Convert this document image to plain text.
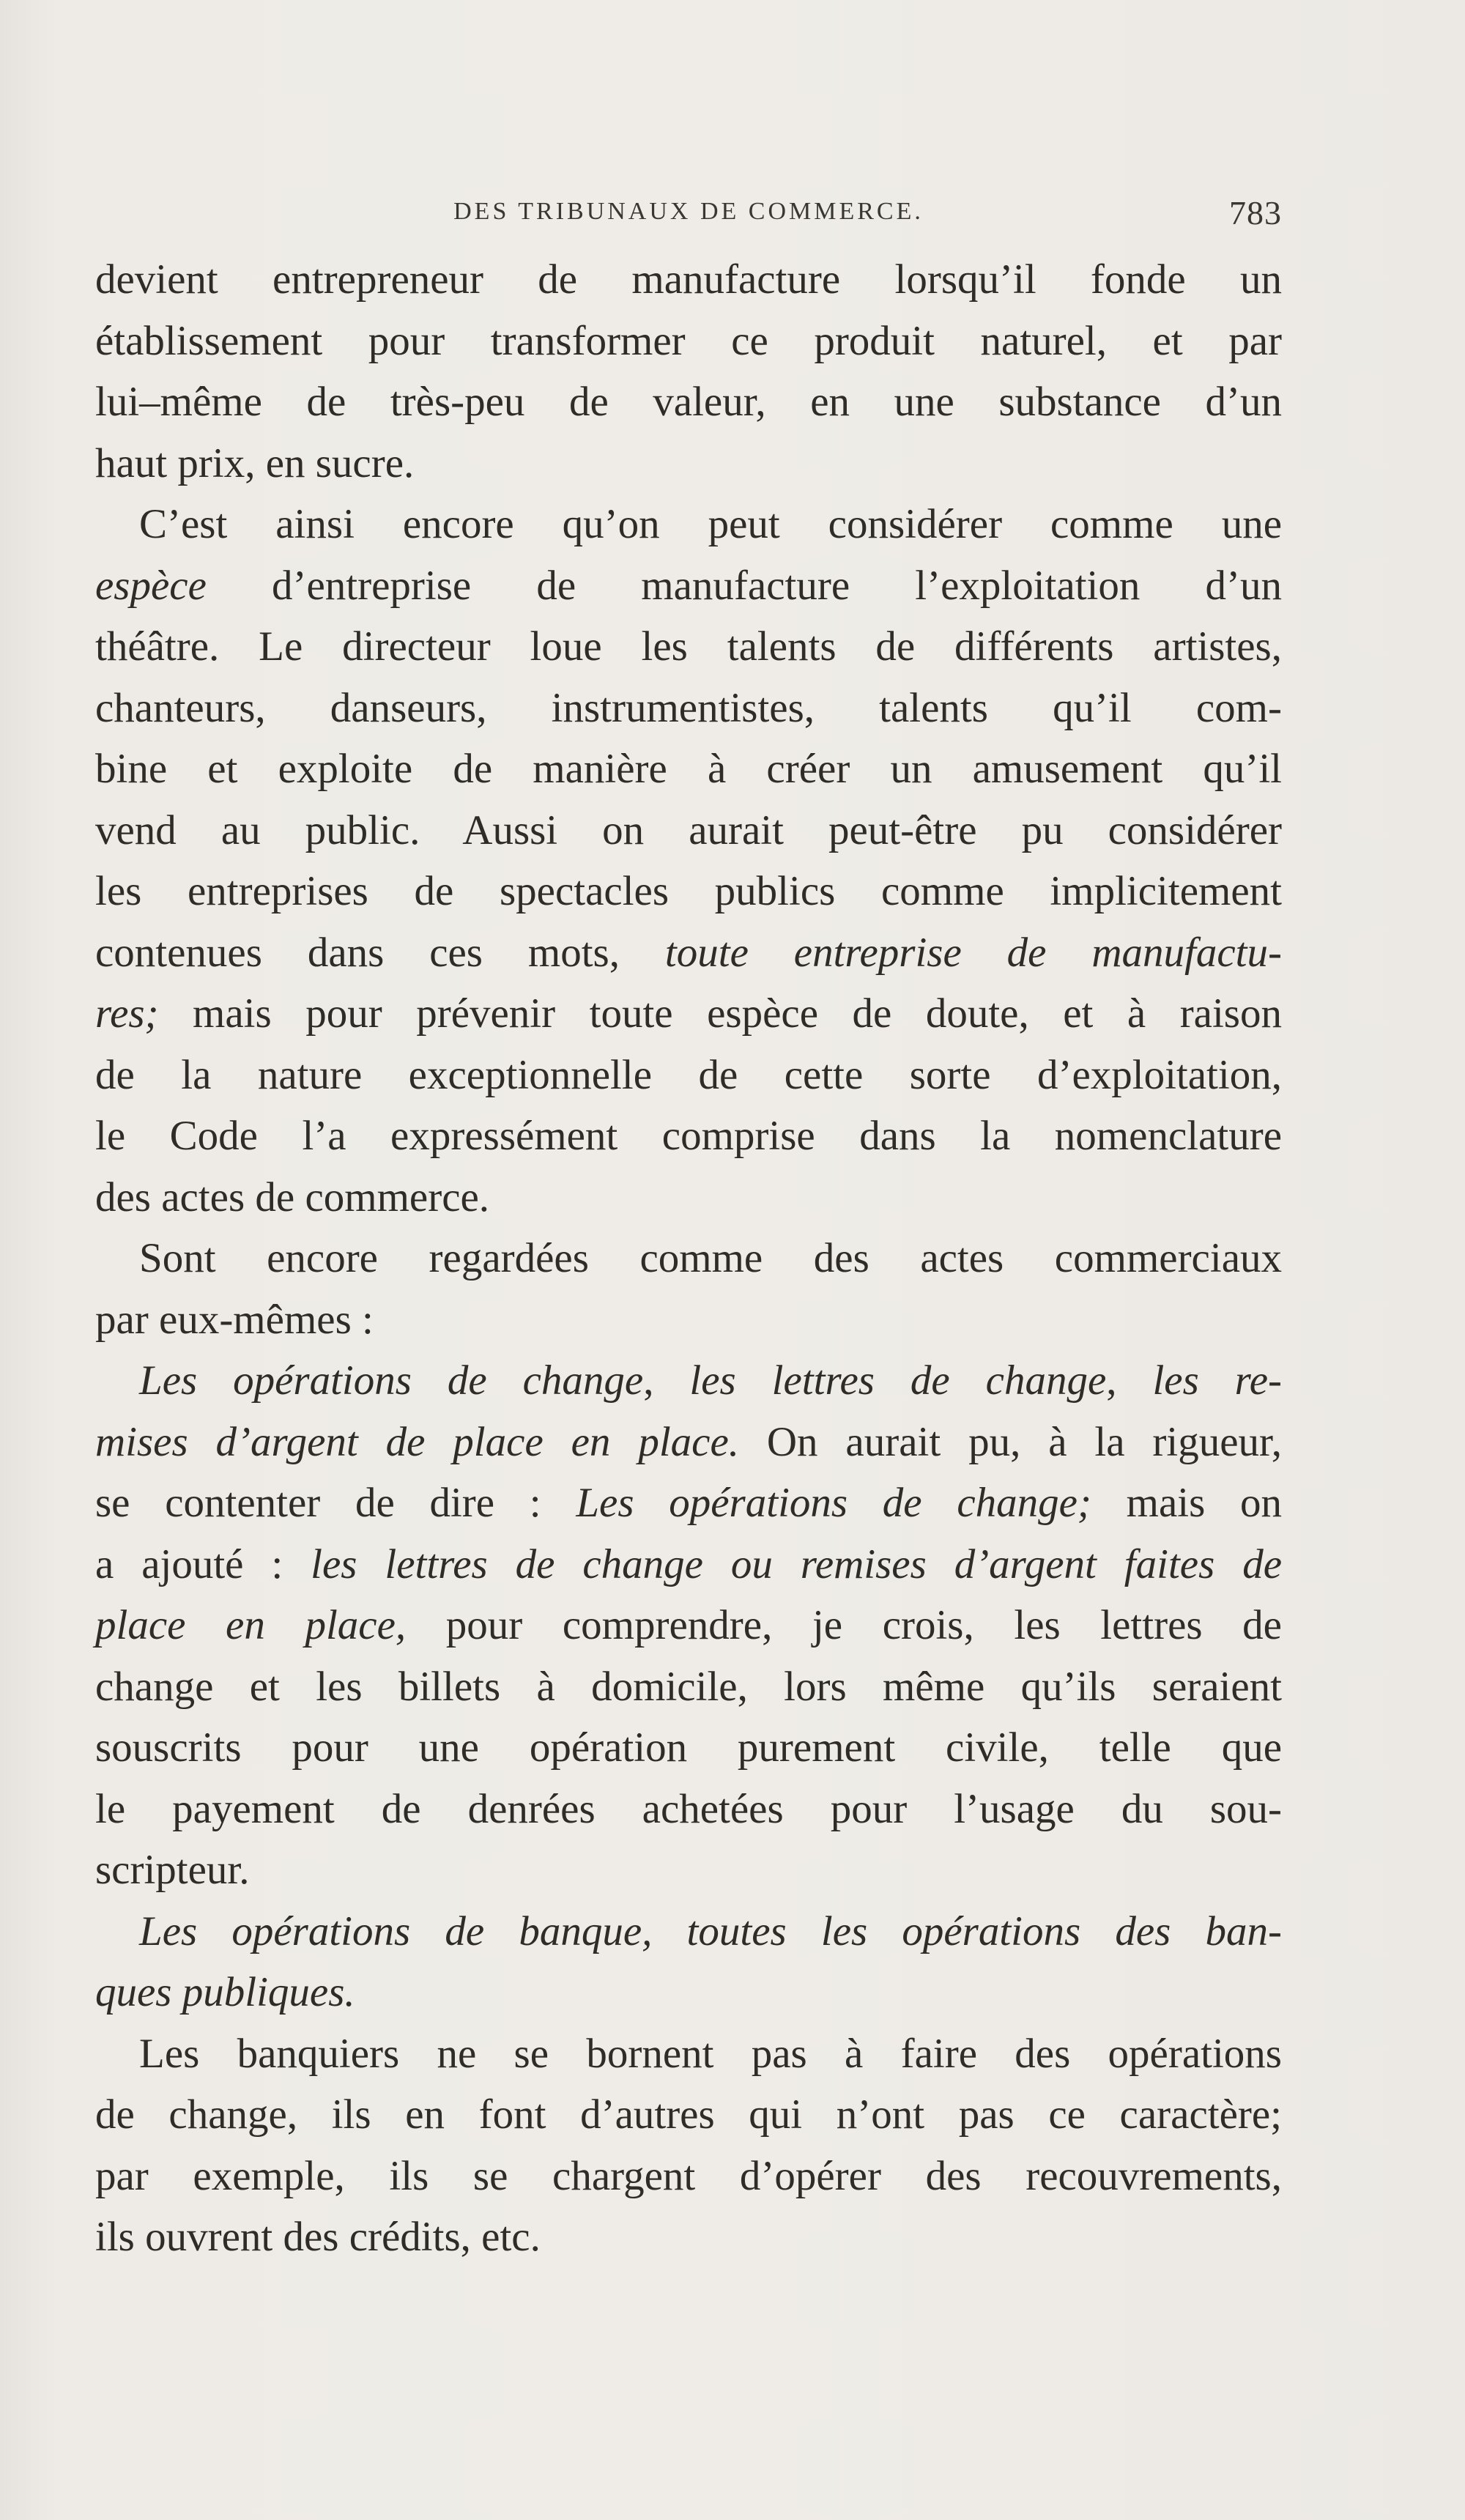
DES TRIBUNAUX DE COMMERCE.	783
devient entrepreneur de manufacture lorsqu’il fonde un
établissement pour transformer ce produit naturel, et par
lui–même de très-peu de valeur, en une substance d’un
haut prix, en sucre.
C’est ainsi encore qu’on peut considérer comme une
espèce d’entreprise de manufacture l’exploitation d’un
théâtre. Le directeur loue les talents de différents artistes,
chanteurs, danseurs, instrumentistes, talents qu’il com-
bine et exploite de manière à créer un amusement qu’il
vend au public. Aussi on aurait peut-être pu considérer
les entreprises de spectacles publics comme implicitement
contenues dans ces mots, toute entreprise de manufactu-
res; mais pour prévenir toute espèce de doute, et à raison
de la nature exceptionnelle de cette sorte d’exploitation,
le Code l’a expressément comprise dans la nomenclature
des actes de commerce.
Sont encore regardées comme des actes commerciaux
par eux-mêmes :
Les opérations de change, les lettres de change, les re-
mises d’argent de place en place. On aurait pu, à la rigueur,
se contenter de dire : Les opérations de change; mais on
a ajouté : les lettres de change ou remises d’argent faites de
place en place, pour comprendre, je crois, les lettres de
change et les billets à domicile, lors même qu’ils seraient
souscrits pour une opération purement civile, telle que
le payement de denrées achetées pour l’usage du sou-
scripteur.
Les opérations de banque, toutes les opérations des ban-
ques publiques.
Les banquiers ne se bornent pas à faire des opérations
de change, ils en font d’autres qui n’ont pas ce caractère;
par exemple, ils se chargent d’opérer des recouvrements,
ils ouvrent des crédits, etc.
